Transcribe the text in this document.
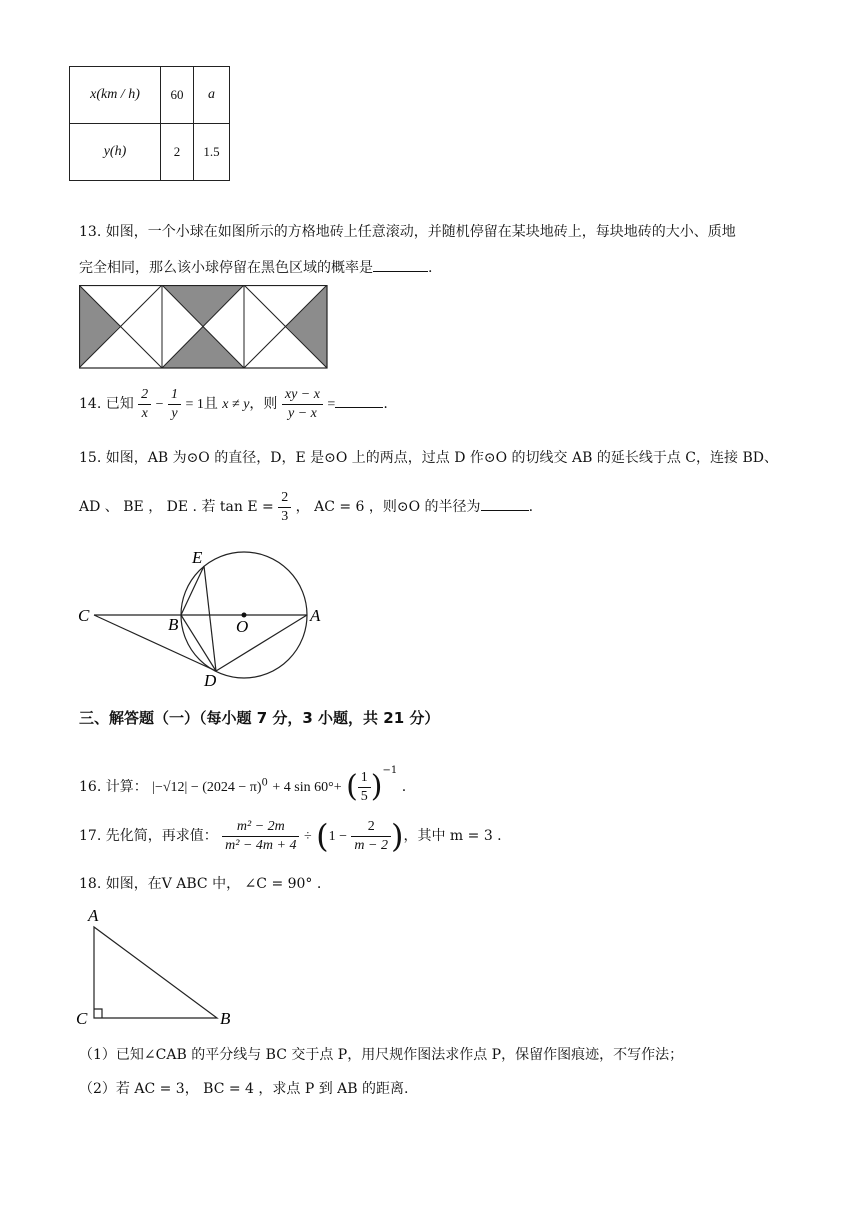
x(km / h)	60	a
y(h)	2	1.5
13. 如图，一个小球在如图所示的方格地砖上任意滚动，并随机停留在某块地砖上，每块地砖的大小、质地
完全相同，那么该小球停留在黑色区域的概率是	.
14. 已知 $\frac{2}{x} - \frac{1}{y} = 1$且 x ≠ y，则 $\frac{xy - x}{y - x}$ =	.
15. 如图，AB 为⊙O 的直径，D，E 是⊙O 上的两点，过点 D 作⊙O 的切线交 AB 的延长线于点 C，连接 BD、
AD 、 BE ， DE . 若 $\tan E = \frac{2}{3}$ ， AC = 6 ，则⊙O 的半径为	.
E
C	B	O
A
D
三、解答题（一）（每小题 7 分，3 小题，共 21 分）
16. 计算： $|-√12| - (2024 - \pi)^0 + 4$ sin 60°+ ( $\frac{1}{5} )^{-1}$ .
17. 先化简，再求值： $\frac{\text{m² − 2m}}{\text{m² − 4m + 4}} \div (1 - \frac{2}{m - 2}$ )，其中 m = 3 .
18. 如图，在V ABC 中， ∠C = 90° .
A
C	B
（1）已知∠CAB 的平分线与 BC 交于点 P，用尺规作图法求作点 P，保留作图痕迹，不写作法；
（2）若 AC = 3， BC = 4 ，求点 P 到 AB 的距离.
